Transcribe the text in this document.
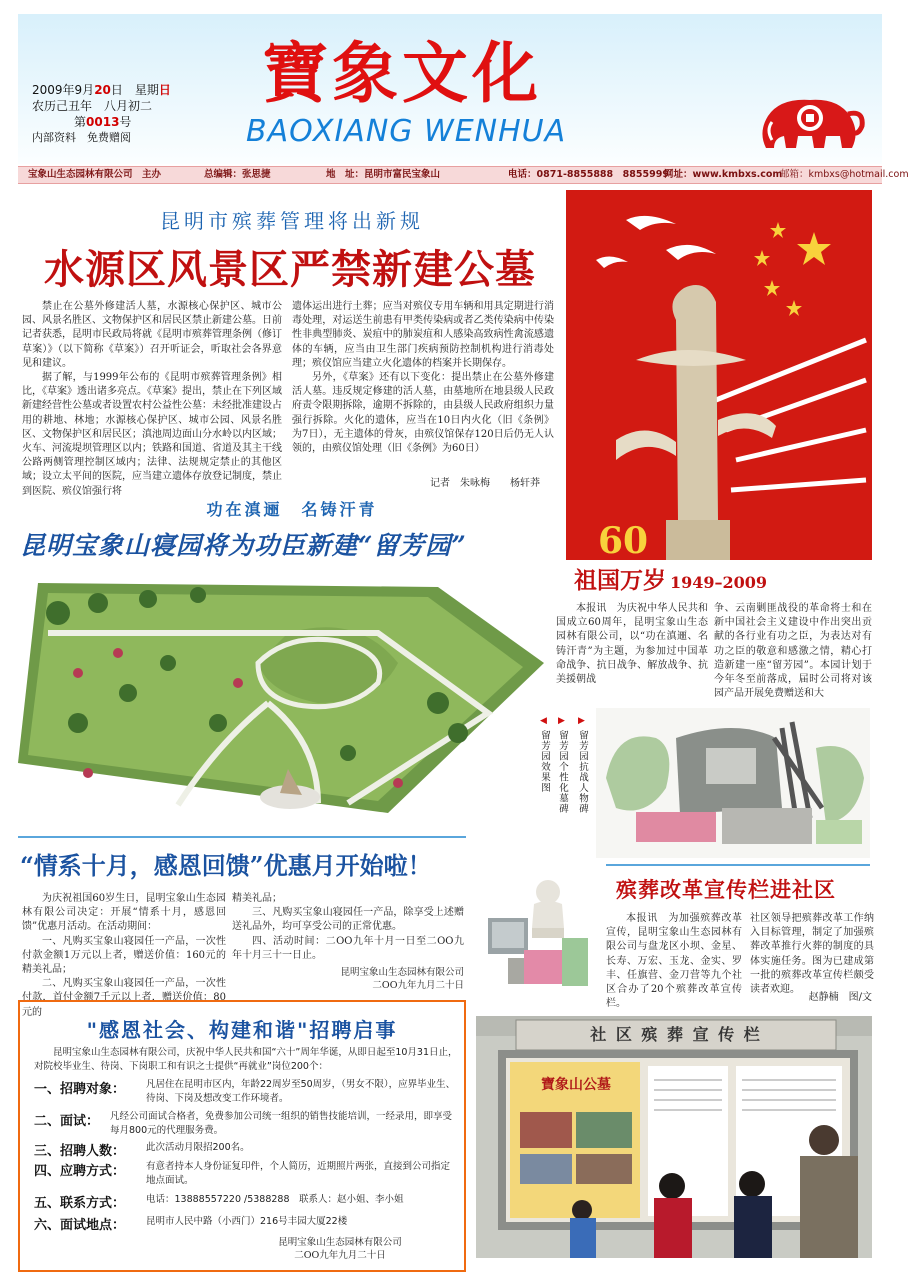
2009年9月20日　星期日
农历己丑年　八月初二
第0013号
内部资料　免费赠阅
寶象文化
BAOXIANG WENHUA
宝象山生态园林有限公司　主办	总编辑：张思捷	地　址：昆明市富民宝象山	电话：0871-8855888　8855999
网址：www.kmbxs.com
邮箱：kmbxs@hotmail.com
昆明市殡葬管理将出新规
水源区风景区严禁新建公墓

禁止在公墓外修建活人墓，水源核心保护区、城市公园、风景名胜区、文物保护区和居民区禁止新建公墓。日前记者获悉，昆明市民政局将就《昆明市殡葬管理条例（修订草案）》（以下简称《草案》）召开听证会，听取社会各界意见和建议。

据了解，与1999年公布的《昆明市殡葬管理条例》相比，《草案》透出诸多亮点。《草案》提出，禁止在下列区域新建经营性公墓或者设置农村公益性公墓：未经批准建设占用的耕地、林地；水源核心保护区、城市公园、风景名胜区、文物保护区和居民区；滇池周边面山分水岭以内区域；火车、河流堤坝管理区以内；铁路和国道、省道及其主干线公路两侧管理控制区域内；法律、法规规定禁止的其他区域；设立太平间的医院，应当建立遗体存放登记制度，禁止到医院、殡仪馆强行将

遗体运出进行土葬；应当对殡仪专用车辆和用具定期进行消毒处理，对运送生前患有甲类传染病或者乙类传染病中传染性非典型肺炎、炭疽中的肺炭疽和人感染高致病性禽流感遗体的车辆，应当由卫生部门疾病预防控制机构进行消毒处理；殡仪馆应当建立火化遗体的档案并长期保存。

另外，《草案》还有以下变化：提出禁止在公墓外修建活人墓。违反规定修建的活人墓，由墓地所在地县级人民政府责令限期拆除，逾期不拆除的，由县级人民政府组织力量强行拆除。火化的遗体，应当在10日内火化（旧《条例》为7日），无主遗体的骨灰，由殡仪馆保存120日后仍无人认领的，由殡仪馆处理（旧《条例》为60日）

记者　朱咏梅　　杨轩莽
功在滇逦　名铸汗青
昆明宝象山寝园将为功臣新建“留芳园”	60
祖国万岁 1949–2009

本报讯　为庆祝中华人民共和国成立60周年，昆明宝象山生态园林有限公司，以“功在滇逦、名铸汗青”为主题，为参加过中国革命战争、抗日战争、解放战争、抗美援朝战

争、云南剿匪战役的革命将士和在新中国社会主义建设中作出突出贡献的各行业有功之臣，为表达对有功之臣的敬意和感激之情，精心打造新建一座“留芳园”。本园计划于今年冬至前落成，届时公司将对该园产品开展免费赠送和大

◀
留芳园效果图
▶
留芳园个性化墓碑
▶
留芳园抗战人物碑
“情系十月，感恩回馈”优惠月开始啦！

为庆祝祖国60岁生日，昆明宝象山生态园林有限公司决定：开展“情系十月，感恩回馈”优惠月活动。在活动期间：

一、凡购买宝象山寝园任一产品，一次性付款金额1万元以上者，赠送价值：160元的精美礼品；

二、凡购买宝象山寝园任一产品，一次性付款，首付金额7千元以上者，赠送价值：80元的

精美礼品；

三、凡购买宝象山寝园任一产品，除享受上述赠送礼品外，均可享受公司的正常优惠。

四、活动时间：二OO九年十月一日至二OO九年十月三十一日止。

昆明宝象山生态园林有限公司
二OO九年九月二十日
殡葬改革宣传栏进社区

本报讯　为加强殡葬改革宣传，昆明宝象山生态园林有限公司与盘龙区小坝、金星、长寿、万宏、玉龙、金实、罗丰、任旗营、金刀营等九个社区合办了20个殡葬改革宣传栏。

社区领导把殡葬改革工作纳入目标管理，制定了加强殡葬改革推行火葬的制度的具体实施任务。图为已建成第一批的殡葬改革宣传栏颇受读者欢迎。

赵静楠　图/文
"感恩社会、构建和谐"招聘启事
昆明宝象山生态园林有限公司，庆祝中华人民共和国“六十”周年华诞，从即日起至10月31日止，对院校毕业生、待岗、下岗职工和有识之士提供“再就业”岗位200个：
一、招聘对象： 凡居住在昆明市区内，年龄22周岁至50周岁，（男女不限），应界毕业生、待岗、下岗及想改变工作环境者。
二、面试： 凡经公司面试合格者，免费参加公司统一组织的销售技能培训，一经录用，即享受每月800元的代理服务费。
三、招聘人数： 此次活动月限招200名。
四、应聘方式： 有意者持本人身份证复印件，个人简历，近期照片两张，直接到公司指定地点面试。
五、联系方式： 电话：13888557220 /5388288　联系人：赵小姐、李小姐
六、面试地点： 昆明市人民中路（小西门）216号丰园大厦22楼
昆明宝象山生态园林有限公司
二OO九年九月二十日
社 区 殡 葬 宣 传 栏
寶象山公墓
